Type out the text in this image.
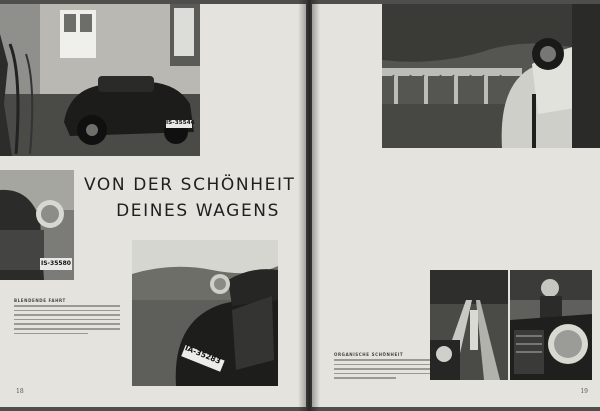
IS-35546
VON DER SCHÖNHEIT
DEINES WAGENS
IS-35580
IA-35283
BLENDENDE FAHRT
18
ORGANISCHE SCHÖNHEIT
19
